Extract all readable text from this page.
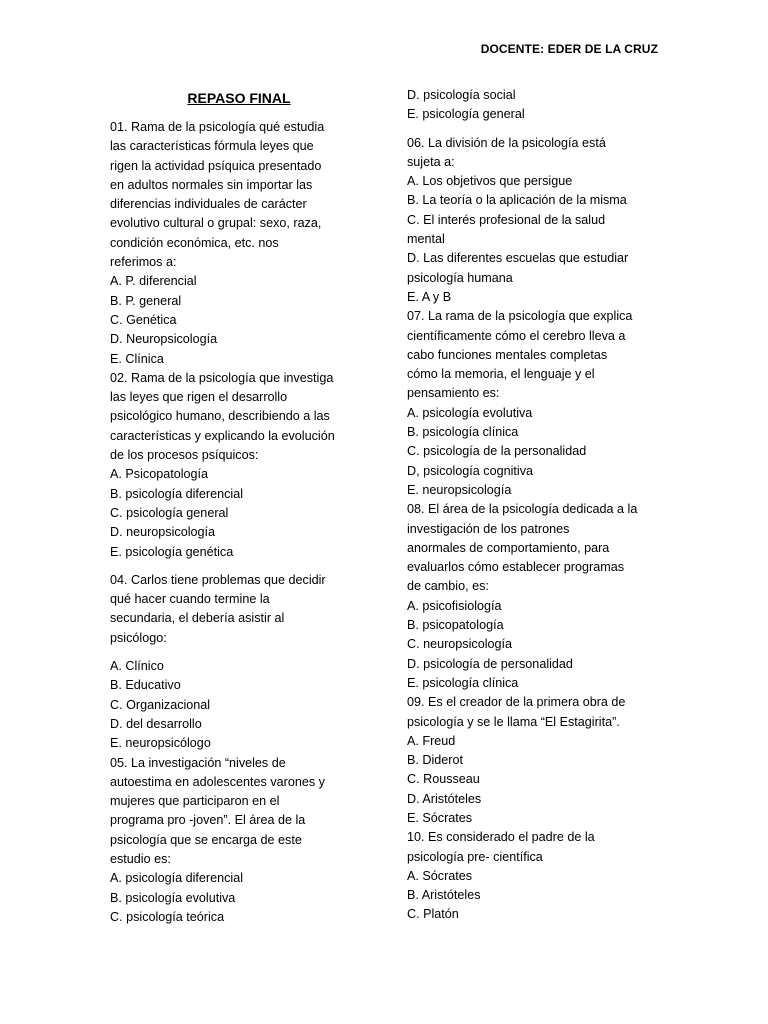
DOCENTE: EDER DE LA CRUZ
REPASO FINAL
01. Rama de la psicología qué estudia
las características fórmula leyes que
rigen la actividad psíquica presentado
en adultos normales sin importar las
diferencias individuales de carácter
evolutivo cultural o grupal: sexo, raza,
condición económica, etc. nos
referimos a:
A. P. diferencial
B. P. general
C. Genética
D. Neuropsicología
E. Clínica
02. Rama de la psicología que investiga
las leyes que rigen el desarrollo
psicológico humano, describiendo a las
características y explicando la evolución
de los procesos psíquicos:
A. Psicopatología
B. psicología diferencial
C. psicología general
D. neuropsicología
E. psicología genética
04. Carlos tiene problemas que decidir
qué hacer cuando termine la
secundaria, el debería asistir al
psicólogo:
A. Clínico
B. Educativo
C. Organizacional
D. del desarrollo
E. neuropsicólogo
05. La investigación “niveles de
autoestima en adolescentes varones y
mujeres que participaron en el
programa pro -joven”. El área de la
psicología que se encarga de este
estudio es:
A. psicología diferencial
B. psicología evolutiva
C. psicología teórica
D. psicología social
E. psicología general
06. La división de la psicología está
sujeta a:
A. Los objetivos que persigue
B. La teoría o la aplicación de la misma
C. El interés profesional de la salud
mental
D. Las diferentes escuelas que estudiar
psicología humana
E. A y B
07. La rama de la psicología que explica
científicamente cómo el cerebro lleva a
cabo funciones mentales completas
cómo la memoria, el lenguaje y el
pensamiento es:
A. psicología evolutiva
B. psicología clínica
C. psicología de la personalidad
D, psicología cognitiva
E. neuropsicología
08. El área de la psicología dedicada a la
investigación de los patrones
anormales de comportamiento, para
evaluarlos cómo establecer programas
de cambio, es:
A. psicofisiología
B. psicopatología
C. neuropsicología
D. psicología de personalidad
E. psicología clínica
09. Es el creador de la primera obra de
psicología y se le llama “El Estagirita”.
A. Freud
B. Diderot
C. Rousseau
D. Aristóteles
E. Sócrates
10. Es considerado el padre de la
psicología pre- científica
A. Sócrates
B. Aristóteles
C. Platón
